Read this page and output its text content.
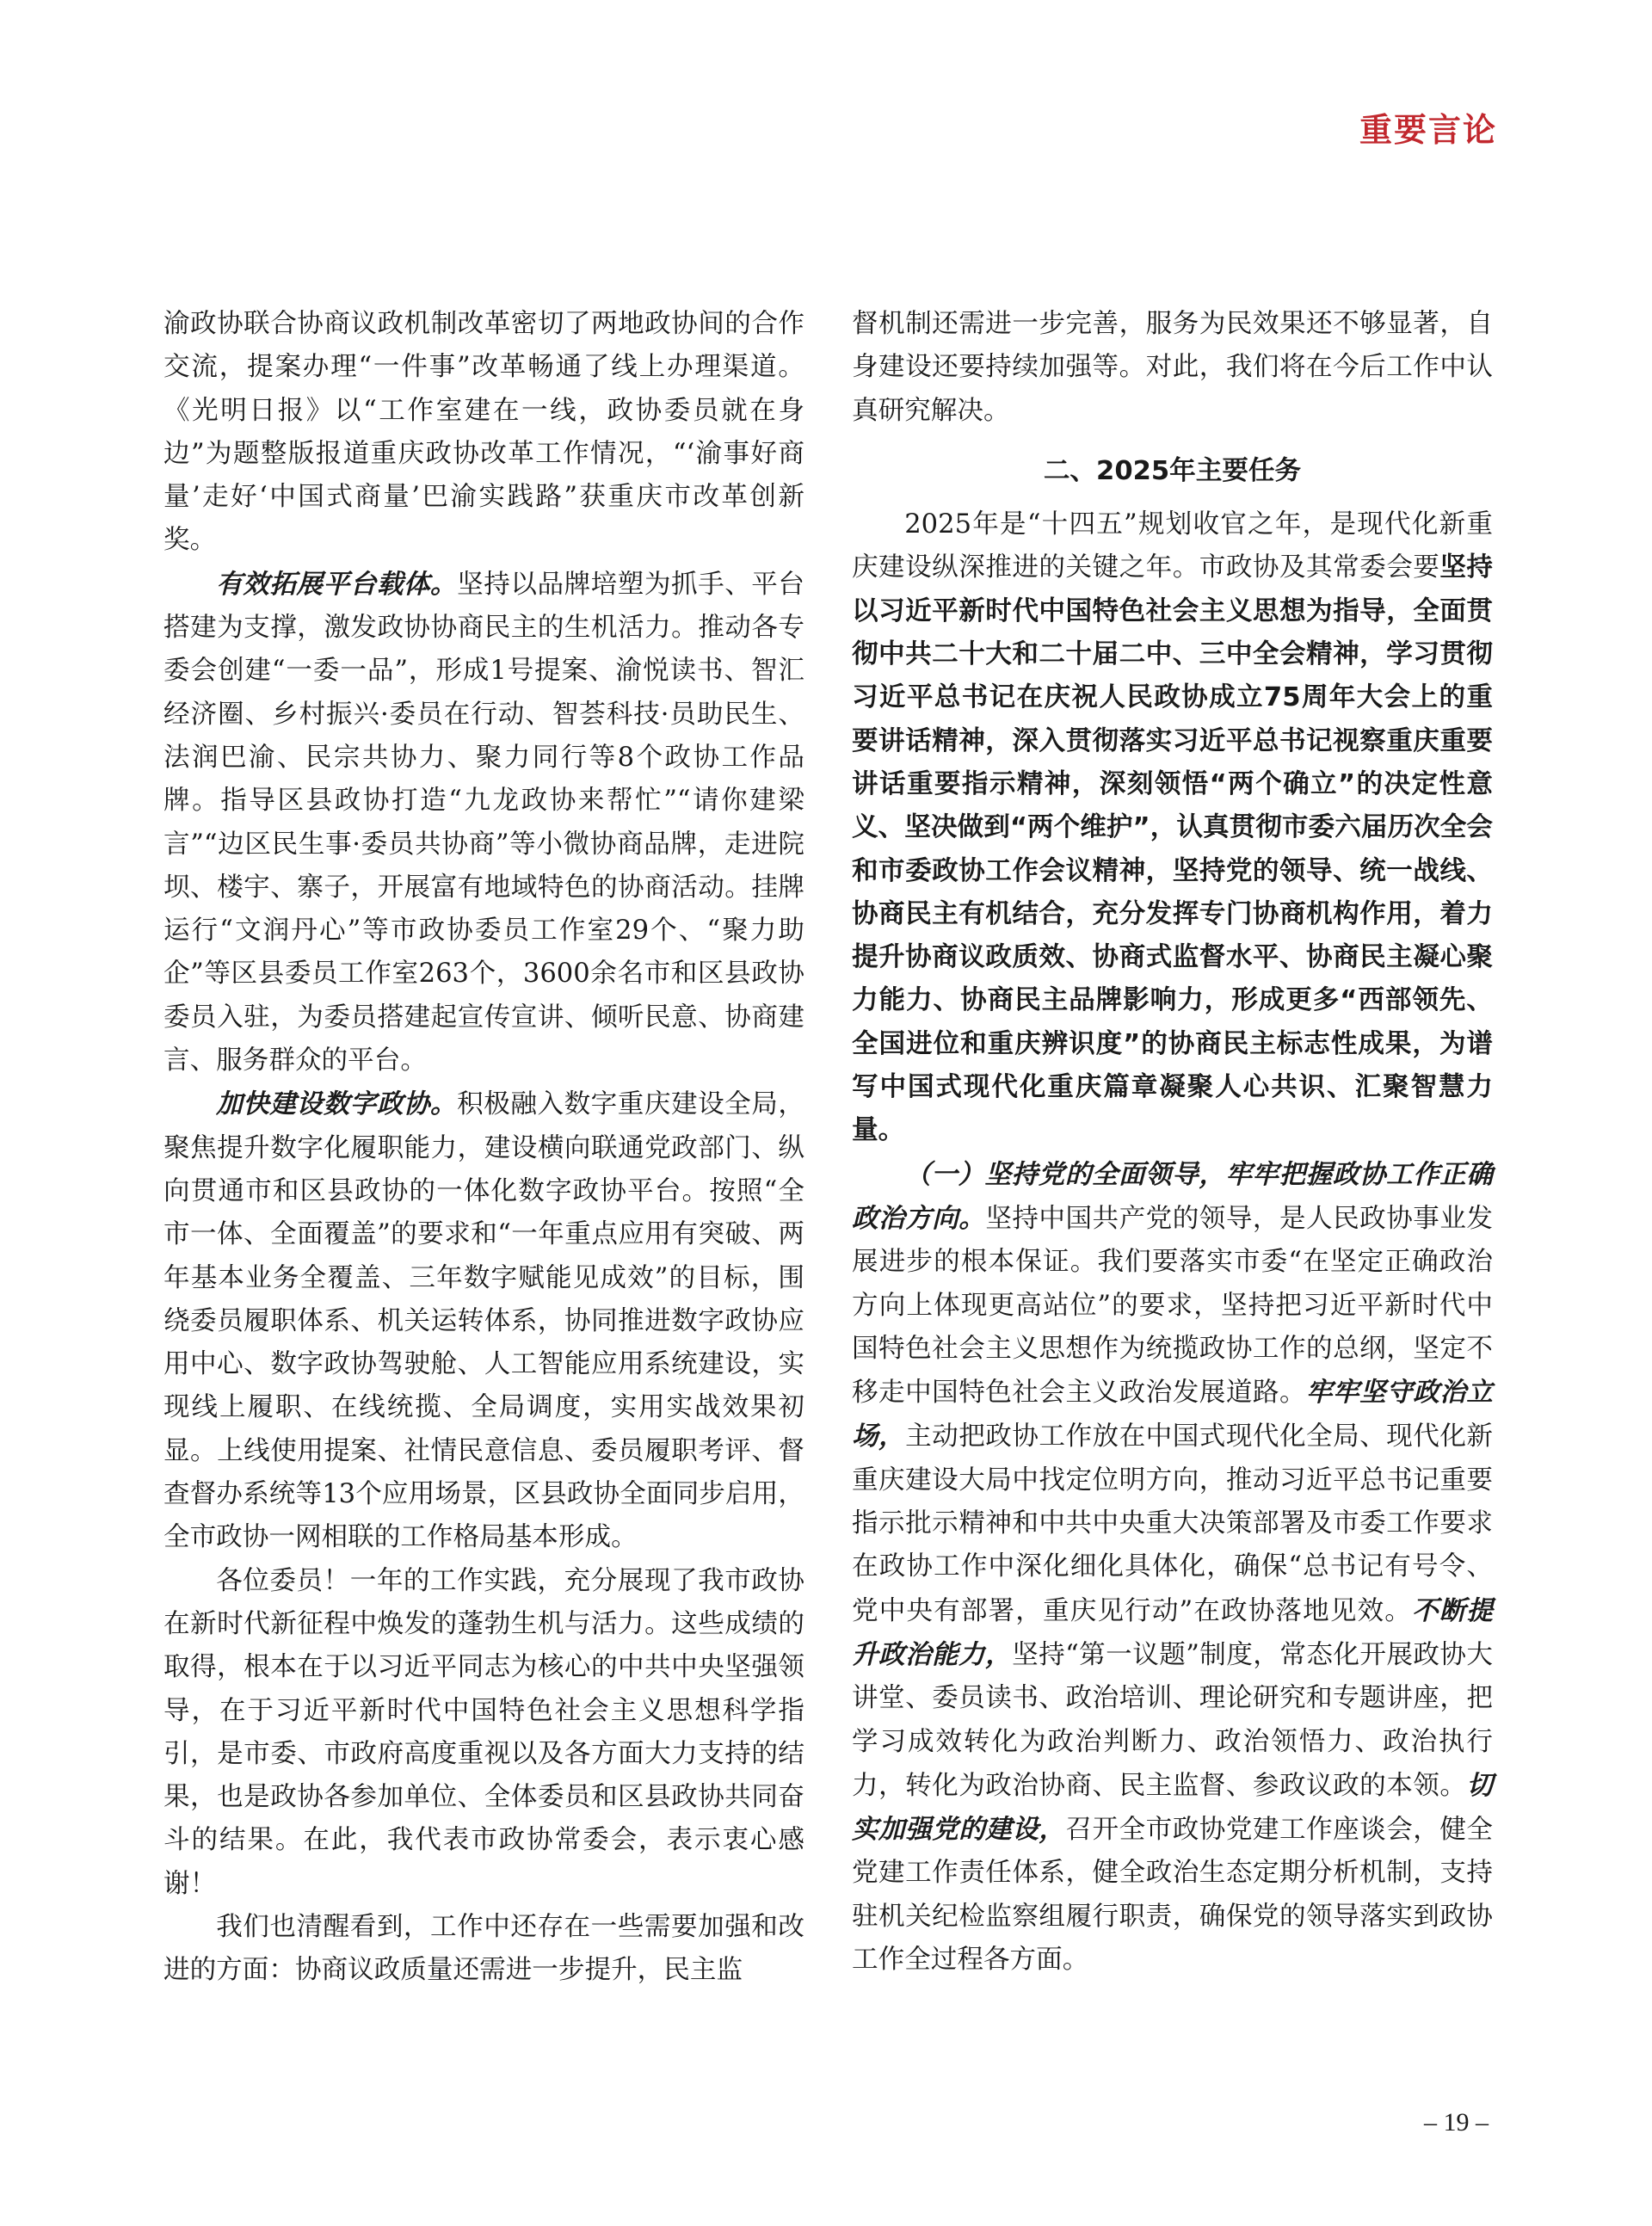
重要言论

渝政协联合协商议政机制改革密切了两地政协间的合作交流，提案办理“一件事”改革畅通了线上办理渠道。《光明日报》以“工作室建在一线，政协委员就在身边”为题整版报道重庆政协改革工作情况，“‘渝事好商量’走好‘中国式商量’巴渝实践路”获重庆市改革创新奖。

有效拓展平台载体。坚持以品牌培塑为抓手、平台搭建为支撑，激发政协协商民主的生机活力。推动各专委会创建“一委一品”，形成1号提案、渝悦读书、智汇经济圈、乡村振兴·委员在行动、智荟科技·员助民生、法润巴渝、民宗共协力、聚力同行等8个政协工作品牌。指导区县政协打造“九龙政协来帮忙”“请你建梁言”“边区民生事·委员共协商”等小微协商品牌，走进院坝、楼宇、寨子，开展富有地域特色的协商活动。挂牌运行“文润丹心”等市政协委员工作室29个、“聚力助企”等区县委员工作室263个，3600余名市和区县政协委员入驻，为委员搭建起宣传宣讲、倾听民意、协商建言、服务群众的平台。

加快建设数字政协。积极融入数字重庆建设全局，聚焦提升数字化履职能力，建设横向联通党政部门、纵向贯通市和区县政协的一体化数字政协平台。按照“全市一体、全面覆盖”的要求和“一年重点应用有突破、两年基本业务全覆盖、三年数字赋能见成效”的目标，围绕委员履职体系、机关运转体系，协同推进数字政协应用中心、数字政协驾驶舱、人工智能应用系统建设，实现线上履职、在线统揽、全局调度，实用实战效果初显。上线使用提案、社情民意信息、委员履职考评、督查督办系统等13个应用场景，区县政协全面同步启用，全市政协一网相联的工作格局基本形成。

各位委员！一年的工作实践，充分展现了我市政协在新时代新征程中焕发的蓬勃生机与活力。这些成绩的取得，根本在于以习近平同志为核心的中共中央坚强领导，在于习近平新时代中国特色社会主义思想科学指引，是市委、市政府高度重视以及各方面大力支持的结果，也是政协各参加单位、全体委员和区县政协共同奋斗的结果。在此，我代表市政协常委会，表示衷心感谢！

我们也清醒看到，工作中还存在一些需要加强和改进的方面：协商议政质量还需进一步提升，民主监

督机制还需进一步完善，服务为民效果还不够显著，自身建设还要持续加强等。对此，我们将在今后工作中认真研究解决。

二、2025年主要任务

2025年是“十四五”规划收官之年，是现代化新重庆建设纵深推进的关键之年。市政协及其常委会要坚持以习近平新时代中国特色社会主义思想为指导，全面贯彻中共二十大和二十届二中、三中全会精神，学习贯彻习近平总书记在庆祝人民政协成立75周年大会上的重要讲话精神，深入贯彻落实习近平总书记视察重庆重要讲话重要指示精神，深刻领悟“两个确立”的决定性意义、坚决做到“两个维护”，认真贯彻市委六届历次全会和市委政协工作会议精神，坚持党的领导、统一战线、协商民主有机结合，充分发挥专门协商机构作用，着力提升协商议政质效、协商式监督水平、协商民主凝心聚力能力、协商民主品牌影响力，形成更多“西部领先、全国进位和重庆辨识度”的协商民主标志性成果，为谱写中国式现代化重庆篇章凝聚人心共识、汇聚智慧力量。

（一）坚持党的全面领导，牢牢把握政协工作正确政治方向。坚持中国共产党的领导，是人民政协事业发展进步的根本保证。我们要落实市委“在坚定正确政治方向上体现更高站位”的要求，坚持把习近平新时代中国特色社会主义思想作为统揽政协工作的总纲，坚定不移走中国特色社会主义政治发展道路。牢牢坚守政治立场，主动把政协工作放在中国式现代化全局、现代化新重庆建设大局中找定位明方向，推动习近平总书记重要指示批示精神和中共中央重大决策部署及市委工作要求在政协工作中深化细化具体化，确保“总书记有号令、党中央有部署，重庆见行动”在政协落地见效。不断提升政治能力，坚持“第一议题”制度，常态化开展政协大讲堂、委员读书、政治培训、理论研究和专题讲座，把学习成效转化为政治判断力、政治领悟力、政治执行力，转化为政治协商、民主监督、参政议政的本领。切实加强党的建设，召开全市政协党建工作座谈会，健全党建工作责任体系，健全政治生态定期分析机制，支持驻机关纪检监察组履行职责，确保党的领导落实到政协工作全过程各方面。

– 19 –
